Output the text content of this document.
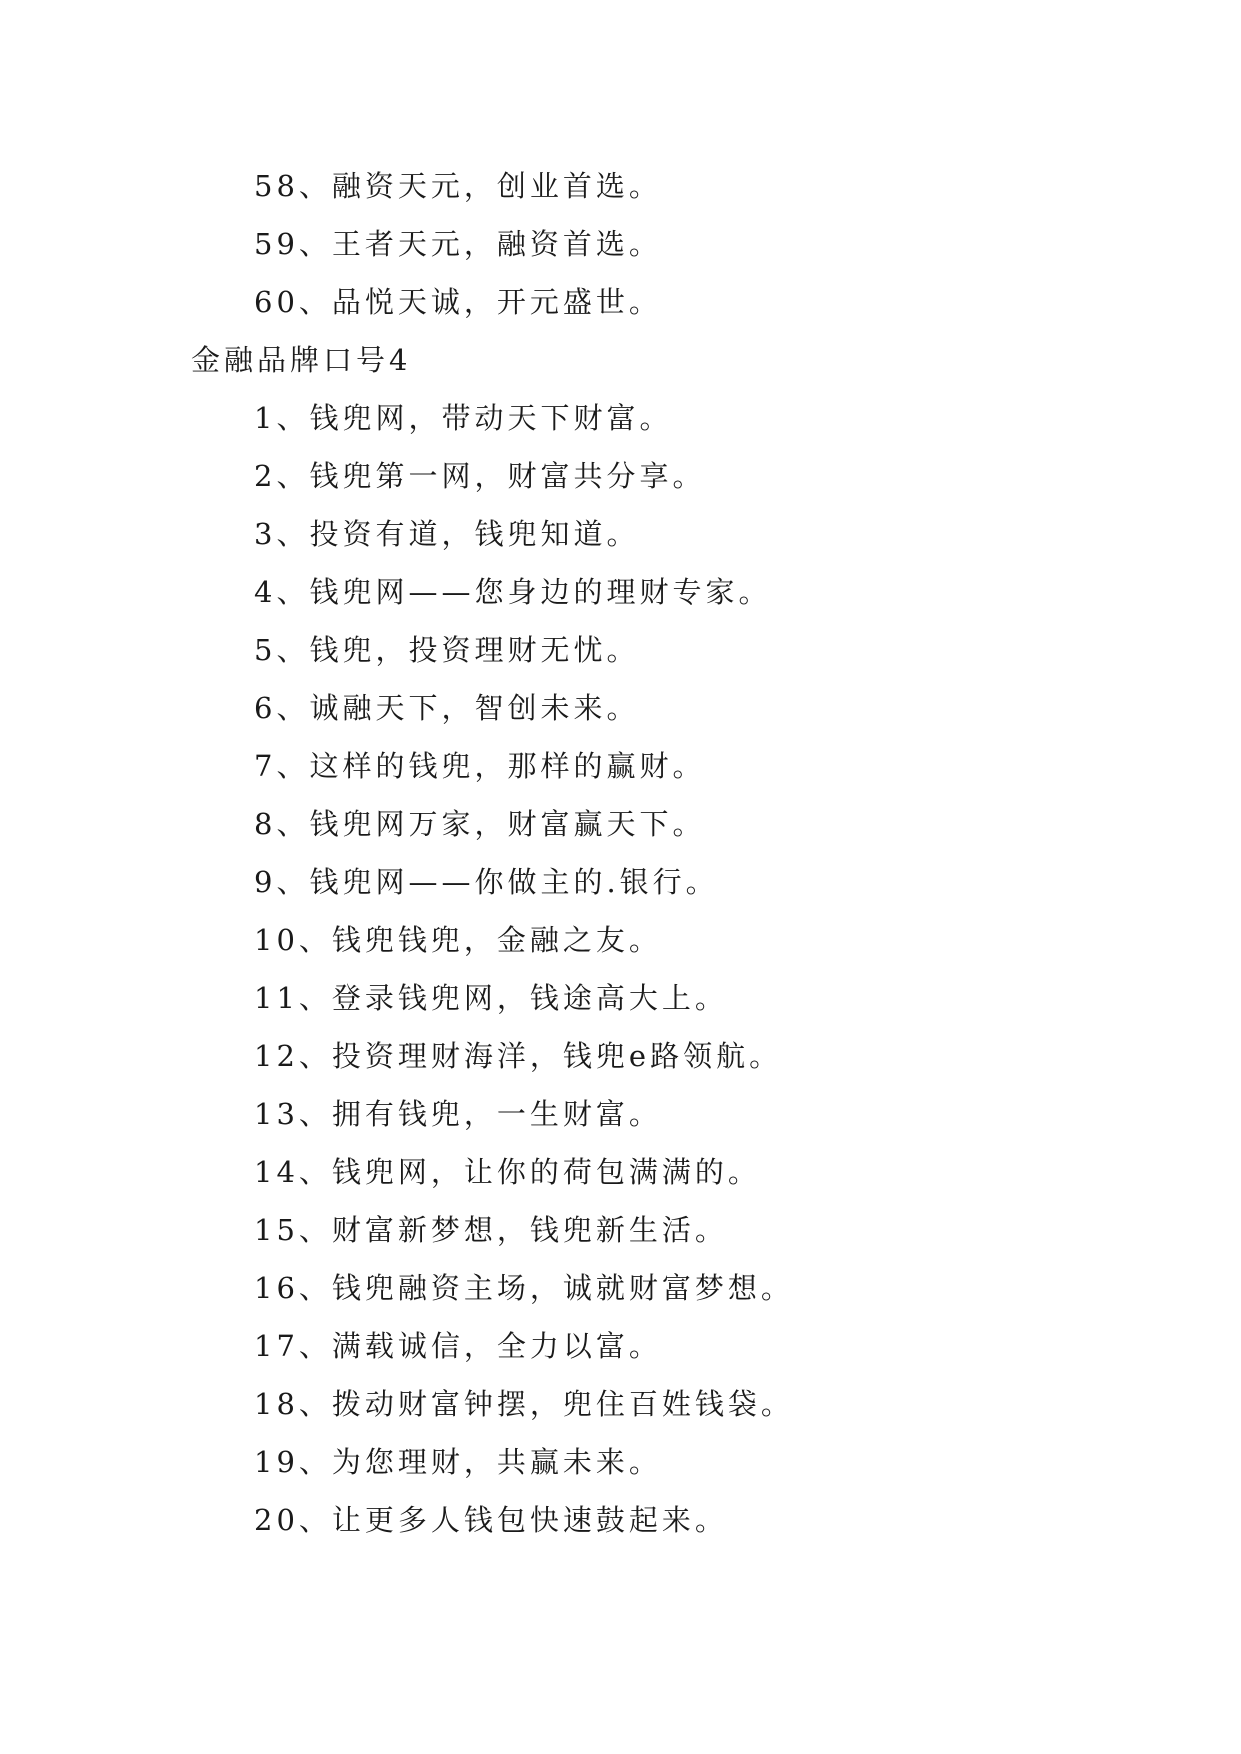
58、融资天元，创业首选。
59、王者天元，融资首选。
60、品悦天诚，开元盛世。
金融品牌口号4
1、钱兜网，带动天下财富。
2、钱兜第一网，财富共分享。
3、投资有道，钱兜知道。
4、钱兜网——您身边的理财专家。
5、钱兜，投资理财无忧。
6、诚融天下，智创未来。
7、这样的钱兜，那样的赢财。
8、钱兜网万家，财富赢天下。
9、钱兜网——你做主的.银行。
10、钱兜钱兜，金融之友。
11、登录钱兜网，钱途高大上。
12、投资理财海洋，钱兜e路领航。
13、拥有钱兜，一生财富。
14、钱兜网，让你的荷包满满的。
15、财富新梦想，钱兜新生活。
16、钱兜融资主场，诚就财富梦想。
17、满载诚信，全力以富。
18、拨动财富钟摆，兜住百姓钱袋。
19、为您理财，共赢未来。
20、让更多人钱包快速鼓起来。
